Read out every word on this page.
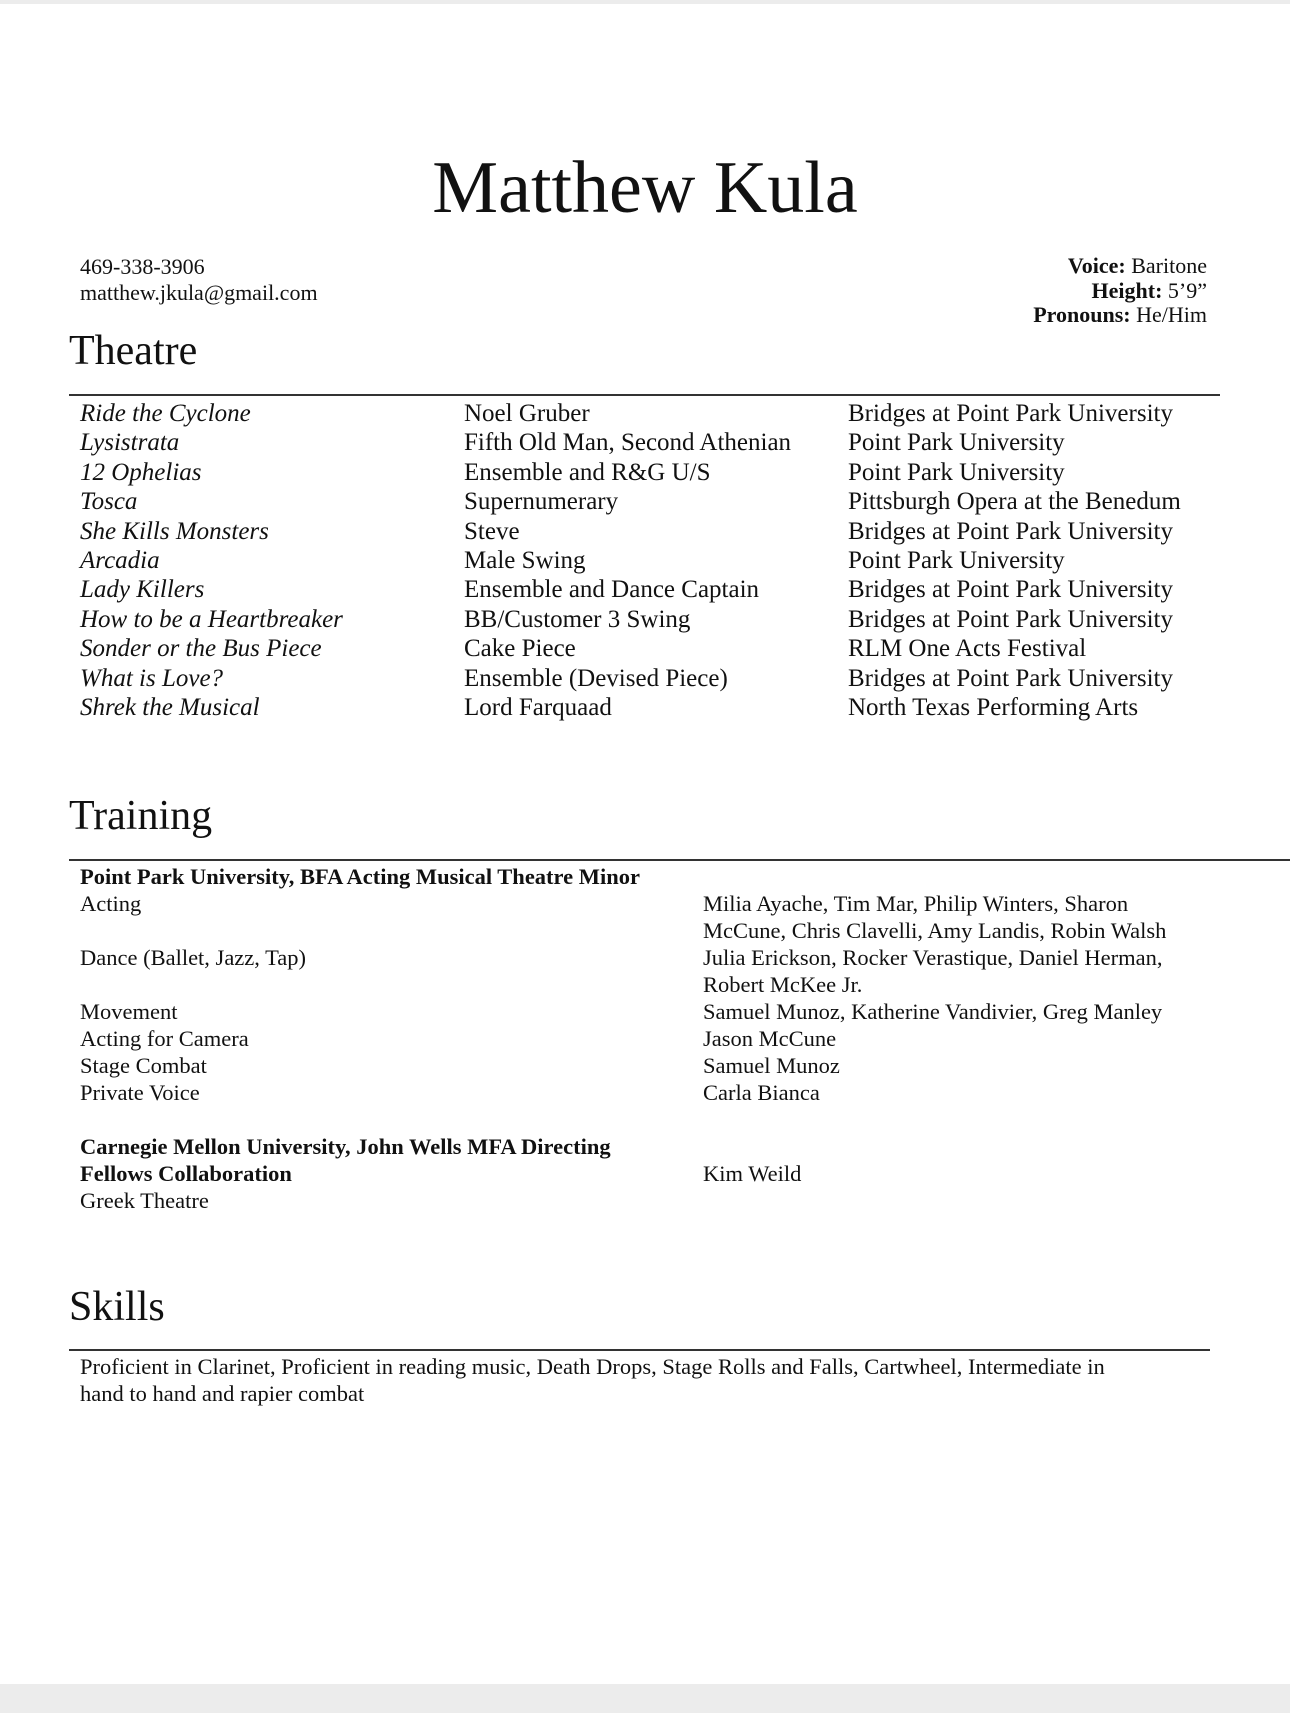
Matthew Kula
469-338-3906
matthew.jkula@gmail.com
Voice: Baritone
Height: 5’9”
Pronouns: He/Him
Theatre
Ride the Cyclone	Noel Gruber	Bridges at Point Park University
Lysistrata	Fifth Old Man, Second Athenian	Point Park University
12 Ophelias	Ensemble and R&G U/S	Point Park University
Tosca	Supernumerary	Pittsburgh Opera at the Benedum
She Kills Monsters	Steve	Bridges at Point Park University
Arcadia	Male Swing	Point Park University
Lady Killers	Ensemble and Dance Captain	Bridges at Point Park University
How to be a Heartbreaker	BB/Customer 3 Swing	Bridges at Point Park University
Sonder or the Bus Piece	Cake Piece	RLM One Acts Festival
What is Love?	Ensemble (Devised Piece)	Bridges at Point Park University
Shrek the Musical	Lord Farquaad	North Texas Performing Arts
Training
Point Park University, BFA Acting Musical Theatre Minor
Acting	Milia Ayache, Tim Mar, Philip Winters, Sharon
McCune, Chris Clavelli, Amy Landis, Robin Walsh
Dance (Ballet, Jazz, Tap)	Julia Erickson, Rocker Verastique, Daniel Herman,
Robert McKee Jr.
Movement	Samuel Munoz, Katherine Vandivier, Greg Manley
Acting for Camera	Jason McCune
Stage Combat	Samuel Munoz
Private Voice	Carla Bianca
Carnegie Mellon University, John Wells MFA Directing
Fellows Collaboration	Kim Weild
Greek Theatre
Skills
Proficient in Clarinet, Proficient in reading music, Death Drops, Stage Rolls and Falls, Cartwheel, Intermediate in
hand to hand and rapier combat
